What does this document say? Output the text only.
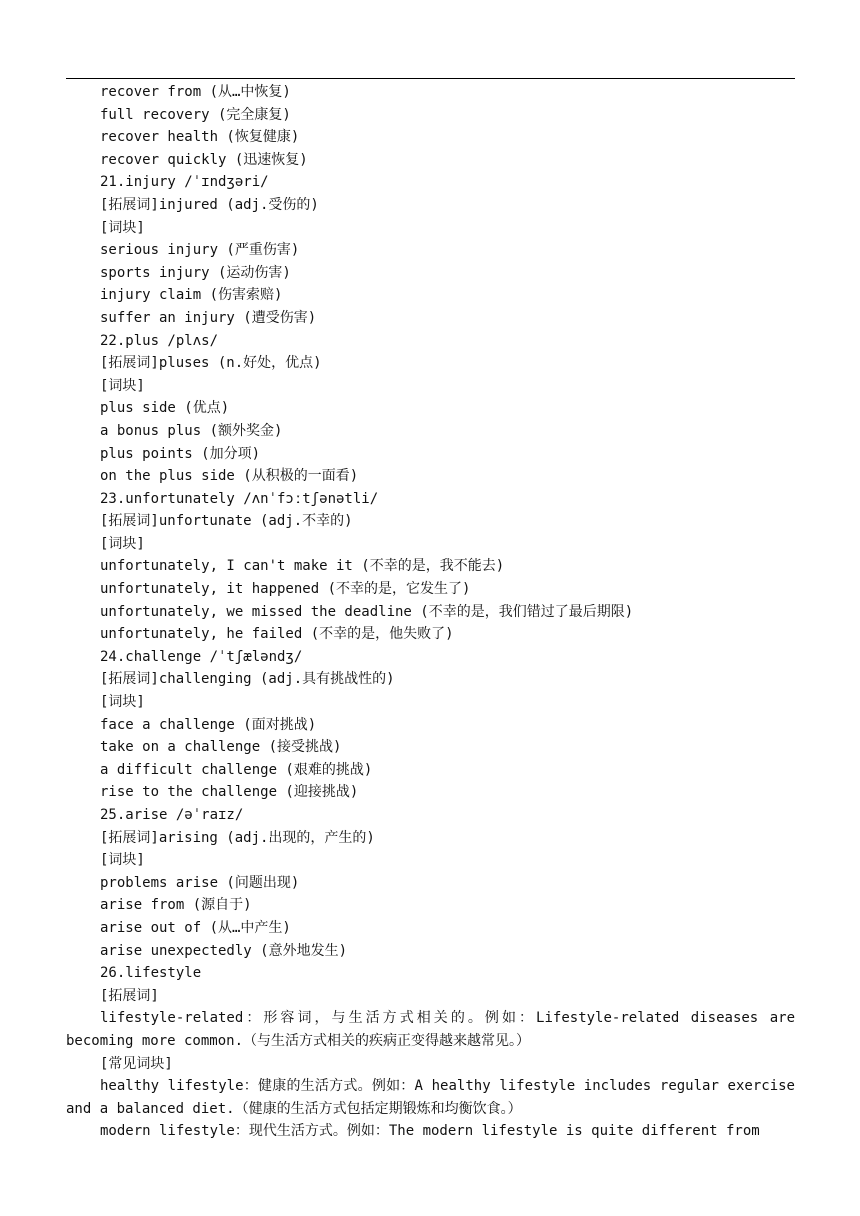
recover from (从…中恢复)
full recovery (完全康复)
recover health (恢复健康)
recover quickly (迅速恢复)
21.injury /ˈɪndʒəri/
[拓展词]injured (adj.受伤的)
[词块]
serious injury (严重伤害)
sports injury (运动伤害)
injury claim (伤害索赔)
suffer an injury (遭受伤害)
22.plus /plʌs/
[拓展词]pluses (n.好处，优点)
[词块]
plus side (优点)
a bonus plus (额外奖金)
plus points (加分项)
on the plus side (从积极的一面看)
23.unfortunately /ʌnˈfɔːtʃənətli/
[拓展词]unfortunate (adj.不幸的)
[词块]
unfortunately, I can't make it (不幸的是，我不能去)
unfortunately, it happened (不幸的是，它发生了)
unfortunately, we missed the deadline (不幸的是，我们错过了最后期限)
unfortunately, he failed (不幸的是，他失败了)
24.challenge /ˈtʃæləndʒ/
[拓展词]challenging (adj.具有挑战性的)
[词块]
face a challenge (面对挑战)
take on a challenge (接受挑战)
a difficult challenge (艰难的挑战)
rise to the challenge (迎接挑战)
25.arise /əˈraɪz/
[拓展词]arising (adj.出现的，产生的)
[词块]
problems arise (问题出现)
arise from (源自于)
arise out of (从…中产生)
arise unexpectedly (意外地发生)
26.lifestyle
[拓展词]

lifestyle-related：形容词，与生活方式相关的。例如：Lifestyle-related diseases are becoming more common.（与生活方式相关的疾病正变得越来越常见。）

[常见词块]

healthy lifestyle：健康的生活方式。例如：A healthy lifestyle includes regular exercise and a balanced diet.（健康的生活方式包括定期锻炼和均衡饮食。）

modern lifestyle：现代生活方式。例如：The modern lifestyle is quite different from
